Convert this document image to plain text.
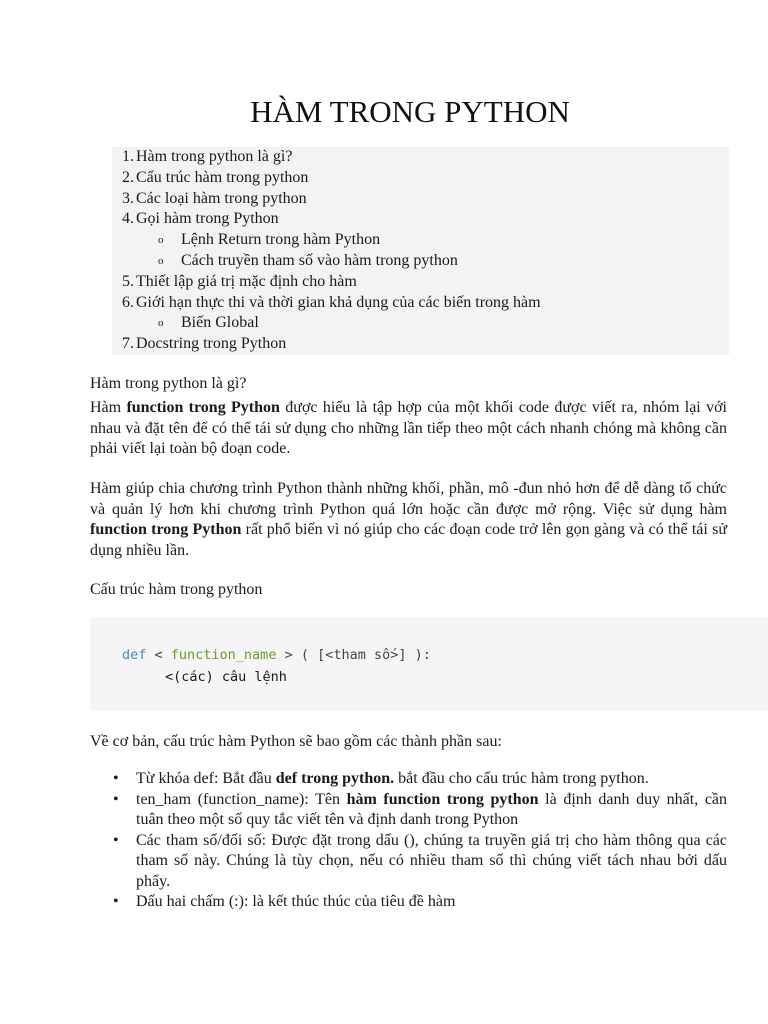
HÀM TRONG PYTHON
1. Hàm trong python là gì?
2. Cấu trúc hàm trong python
3. Các loại hàm trong python
4. Gọi hàm trong Python
o Lệnh Return trong hàm Python
o Cách truyền tham số vào hàm trong python
5. Thiết lập giá trị mặc định cho hàm
6. Giới hạn thực thi và thời gian khả dụng của các biến trong hàm
o Biến Global
7. Docstring trong Python

Hàm trong python là gì?

Hàm function trong Python được hiểu là tập hợp của một khối code được viết ra, nhóm lại với nhau và đặt tên để có thể tái sử dụng cho những lần tiếp theo một cách nhanh chóng mà không cần phải viết lại toàn bộ đoạn code.

Hàm giúp chia chương trình Python thành những khối, phần, mô -đun nhỏ hơn để dễ dàng tổ chức và quản lý hơn khi chương trình Python quá lớn hoặc cần được mở rộng. Việc sử dụng hàm function trong Python rất phổ biến vì nó giúp cho các đoạn code trở lên gọn gàng và có thể tái sử dụng nhiều lần.

Cấu trúc hàm trong python

def < function_name > ( [<tham số>] ):
<(các) câu lệnh

Về cơ bản, cấu trúc hàm Python sẽ bao gồm các thành phần sau:

• Từ khóa def: Bắt đầu def trong python. bắt đầu cho cấu trúc hàm trong python.
• ten_ham (function_name): Tên hàm function trong python là định danh duy nhất, cần tuân theo một số quy tắc viết tên và định danh trong Python
• Các tham số/đối số: Được đặt trong dấu (), chúng ta truyền giá trị cho hàm thông qua các tham số này. Chúng là tùy chọn, nếu có nhiều tham số thì chúng viết tách nhau bởi dấu phẩy.
• Dấu hai chấm (:): là kết thúc thúc của tiêu đề hàm
